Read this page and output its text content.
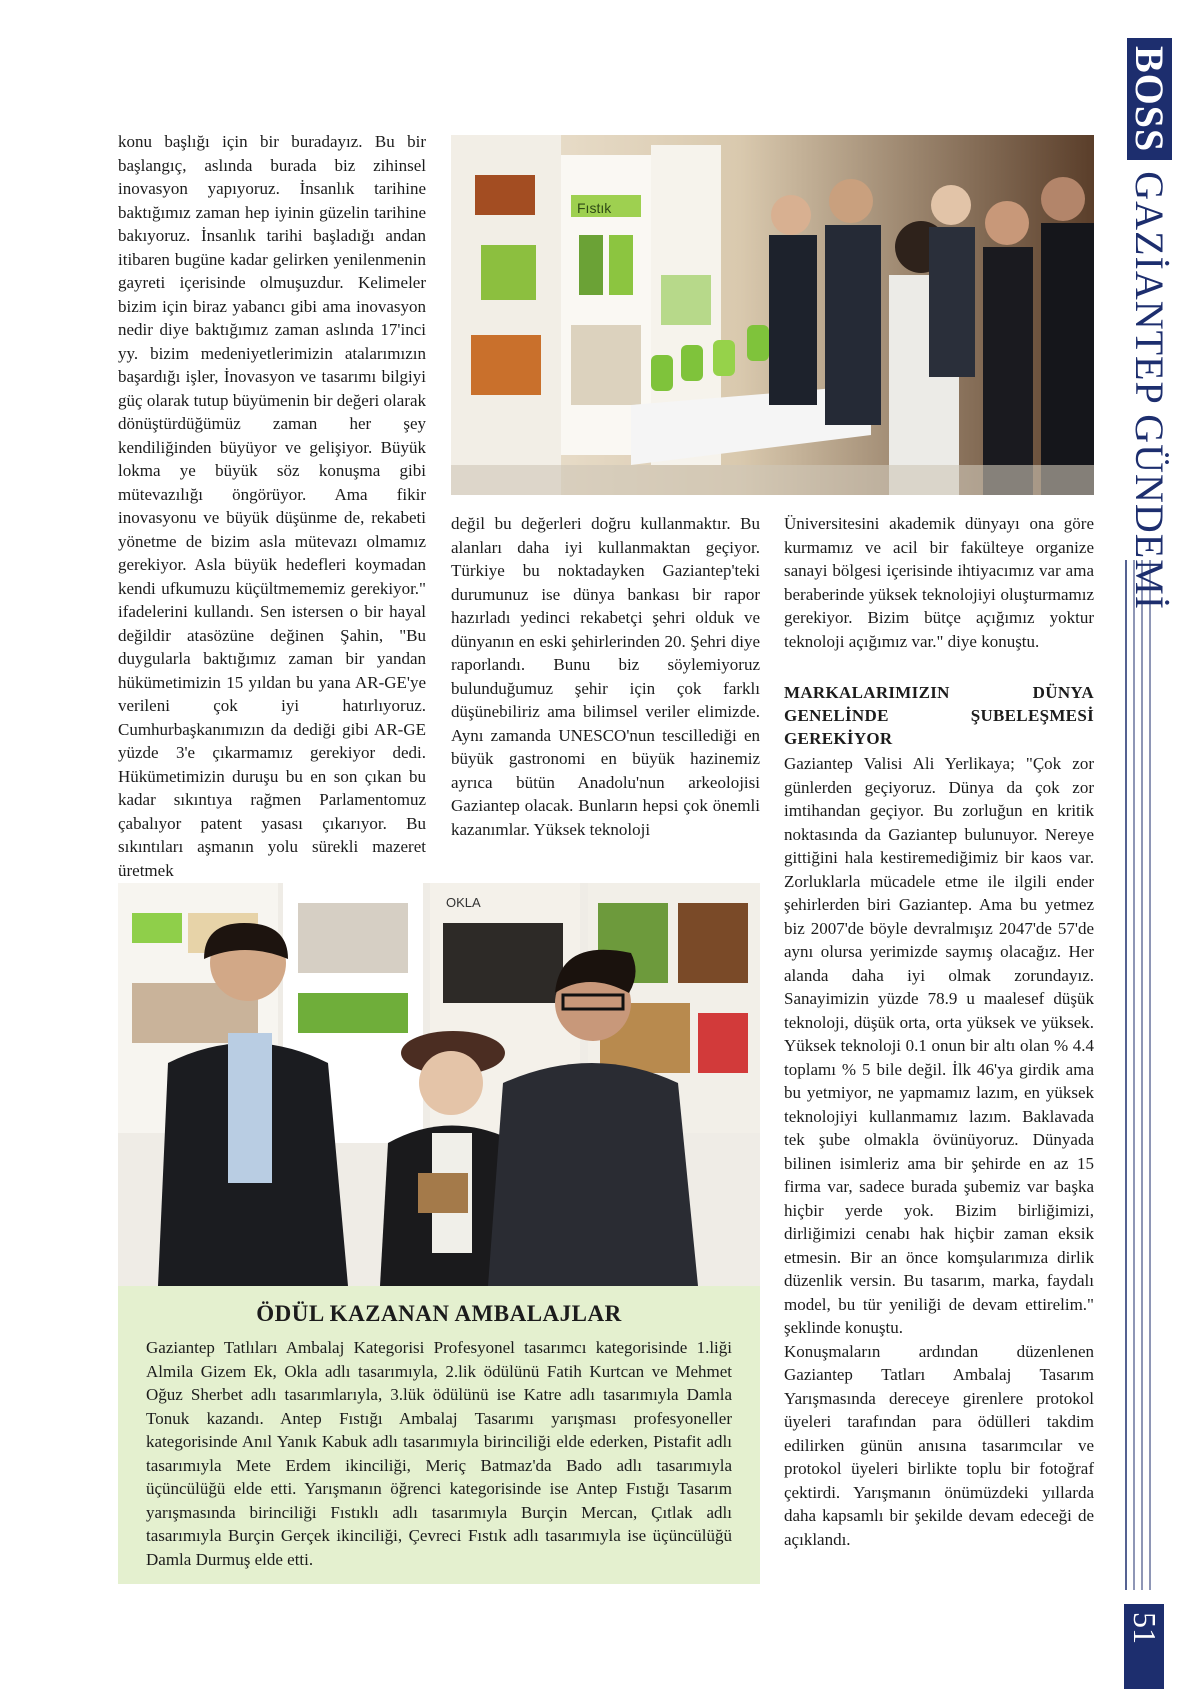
konu başlığı için bir buradayız. Bu bir başlangıç, aslında burada biz zihinsel inovasyon yapıyoruz. İnsanlık tarihine baktığımız zaman hep iyinin güzelin tarihine bakıyoruz. İnsanlık tarihi başladığı andan itibaren bugüne kadar gelirken yenilenmenin gayreti içerisinde olmuşuzdur. Kelimeler bizim için biraz yabancı gibi ama inovasyon nedir diye baktığımız zaman aslında 17'inci yy. bizim medeniyetlerimizin atalarımızın başardığı işler, İnovasyon ve tasarımı bilgiyi güç olarak tutup büyümenin bir değeri olarak dönüştürdüğümüz zaman her şey kendiliğinden büyüyor ve gelişiyor. Büyük lokma ye büyük söz konuşma gibi mütevazılığı öngörüyor. Ama fikir inovasyonu ve büyük düşünme de, rekabeti yönetme de bizim asla mütevazı olmamız gerekiyor. Asla büyük hedefleri koymadan kendi ufkumuzu küçültmememiz gerekiyor." ifadelerini kullandı. Sen istersen o bir hayal değildir atasözüne değinen Şahin, "Bu duygularla baktığımız zaman bir yandan hükümetimizin 15 yıldan bu yana AR-GE'ye verileni çok iyi hatırlıyoruz. Cumhurbaşkanımızın da dediği gibi AR-GE yüzde 3'e çıkarmamız gerekiyor dedi. Hükümetimizin duruşu bu en son çıkan bu kadar sıkıntıya rağmen Parlamentomuz çabalıyor patent yasası çıkarıyor. Bu sıkıntıları aşmanın yolu sürekli mazeret üretmek

Fıstık

değil bu değerleri doğru kullanmaktır. Bu alanları daha iyi kullanmaktan geçiyor. Türkiye bu noktadayken Gaziantep'teki durumunuz ise dünya bankası bir rapor hazırladı yedinci rekabetçi şehri olduk ve dünyanın en eski şehirlerinden 20. Şehri diye raporlandı. Bunu biz söylemiyoruz bulunduğumuz şehir için çok farklı düşünebiliriz ama bilimsel veriler elimizde. Aynı zamanda UNESCO'nun tescillediği en büyük gastronomi en büyük hazinemiz ayrıca bütün Anadolu'nun arkeolojisi Gaziantep olacak. Bunların hepsi çok önemli kazanımlar. Yüksek teknoloji

Üniversitesini akademik dünyayı ona göre kurmamız ve acil bir fakülteye organize sanayi bölgesi içerisinde ihtiyacımız var ama beraberinde yüksek teknolojiyi oluşturmamız gerekiyor. Bizim bütçe açığımız yoktur teknoloji açığımız var." diye konuştu.

MARKALARIMIZIN DÜNYA GENELİNDE ŞUBELEŞMESİ GEREKİYOR

Gaziantep Valisi Ali Yerlikaya; "Çok zor günlerden geçiyoruz. Dünya da çok zor imtihandan geçiyor. Bu zorluğun en kritik noktasında da Gaziantep bulunuyor. Nereye gittiğini hala kestiremediğimiz bir kaos var. Zorluklarla mücadele etme ile ilgili ender şehirlerden biri Gaziantep. Ama bu yetmez biz 2007'de böyle devralmışız 2047'de 57'de aynı olursa yerimizde saymış olacağız. Her alanda daha iyi olmak zorundayız. Sanayimizin yüzde 78.9 u maalesef düşük teknoloji, düşük orta, orta yüksek ve yüksek. Yüksek teknoloji 0.1 onun bir altı olan % 4.4 toplamı % 5 bile değil. İlk 46'ya girdik ama bu yetmiyor, ne yapmamız lazım, en yüksek teknolojiyi kullanmamız lazım. Baklavada tek şube olmakla övünüyoruz. Dünyada bilinen isimleriz ama bir şehirde en az 15 firma var, sadece burada şubemiz var başka hiçbir yerde yok. Bizim birliğimizi, dirliğimizi cenabı hak hiçbir zaman eksik etmesin. Bir an önce komşularımıza dirlik düzenlik versin. Bu tasarım, marka, faydalı model, bu tür yeniliği de devam ettirelim." şeklinde konuştu.

Konuşmaların ardından düzenlenen Gaziantep Tatları Ambalaj Tasarım Yarışmasında dereceye girenlere protokol üyeleri tarafından para ödülleri takdim edilirken günün anısına tasarımcılar ve protokol üyeleri birlikte toplu bir fotoğraf çektirdi. Yarışmanın önümüzdeki yıllarda daha kapsamlı bir şekilde devam edeceği de açıklandı.

OKLA
ÖDÜL KAZANAN AMBALAJLAR

Gaziantep Tatlıları Ambalaj Kategorisi Profesyonel tasarımcı kategorisinde 1.liği Almila Gizem Ek, Okla adlı tasarımıyla, 2.lik ödülünü Fatih Kurtcan ve Mehmet Oğuz Sherbet adlı tasarımlarıyla, 3.lük ödülünü ise Katre adlı tasarımıyla Damla Tonuk kazandı. Antep Fıstığı Ambalaj Tasarımı yarışması profesyoneller kategorisinde Anıl Yanık Kabuk adlı tasarımıyla birinciliği elde ederken, Pistafit adlı tasarımıyla Mete Erdem ikinciliği, Meriç Batmaz'da Bado adlı tasarımıyla üçüncülüğü elde etti. Yarışmanın öğrenci kategorisinde ise Antep Fıstığı Tasarım yarışmasında birinciliği Fıstıklı adlı tasarımıyla Burçin Mercan, Çıtlak adlı tasarımıyla Burçin Gerçek ikinciliği, Çevreci Fıstık adlı tasarımıyla ise üçüncülüğü Damla Durmuş elde etti.

BOSS GAZİANTEP GÜNDEMİ
51
